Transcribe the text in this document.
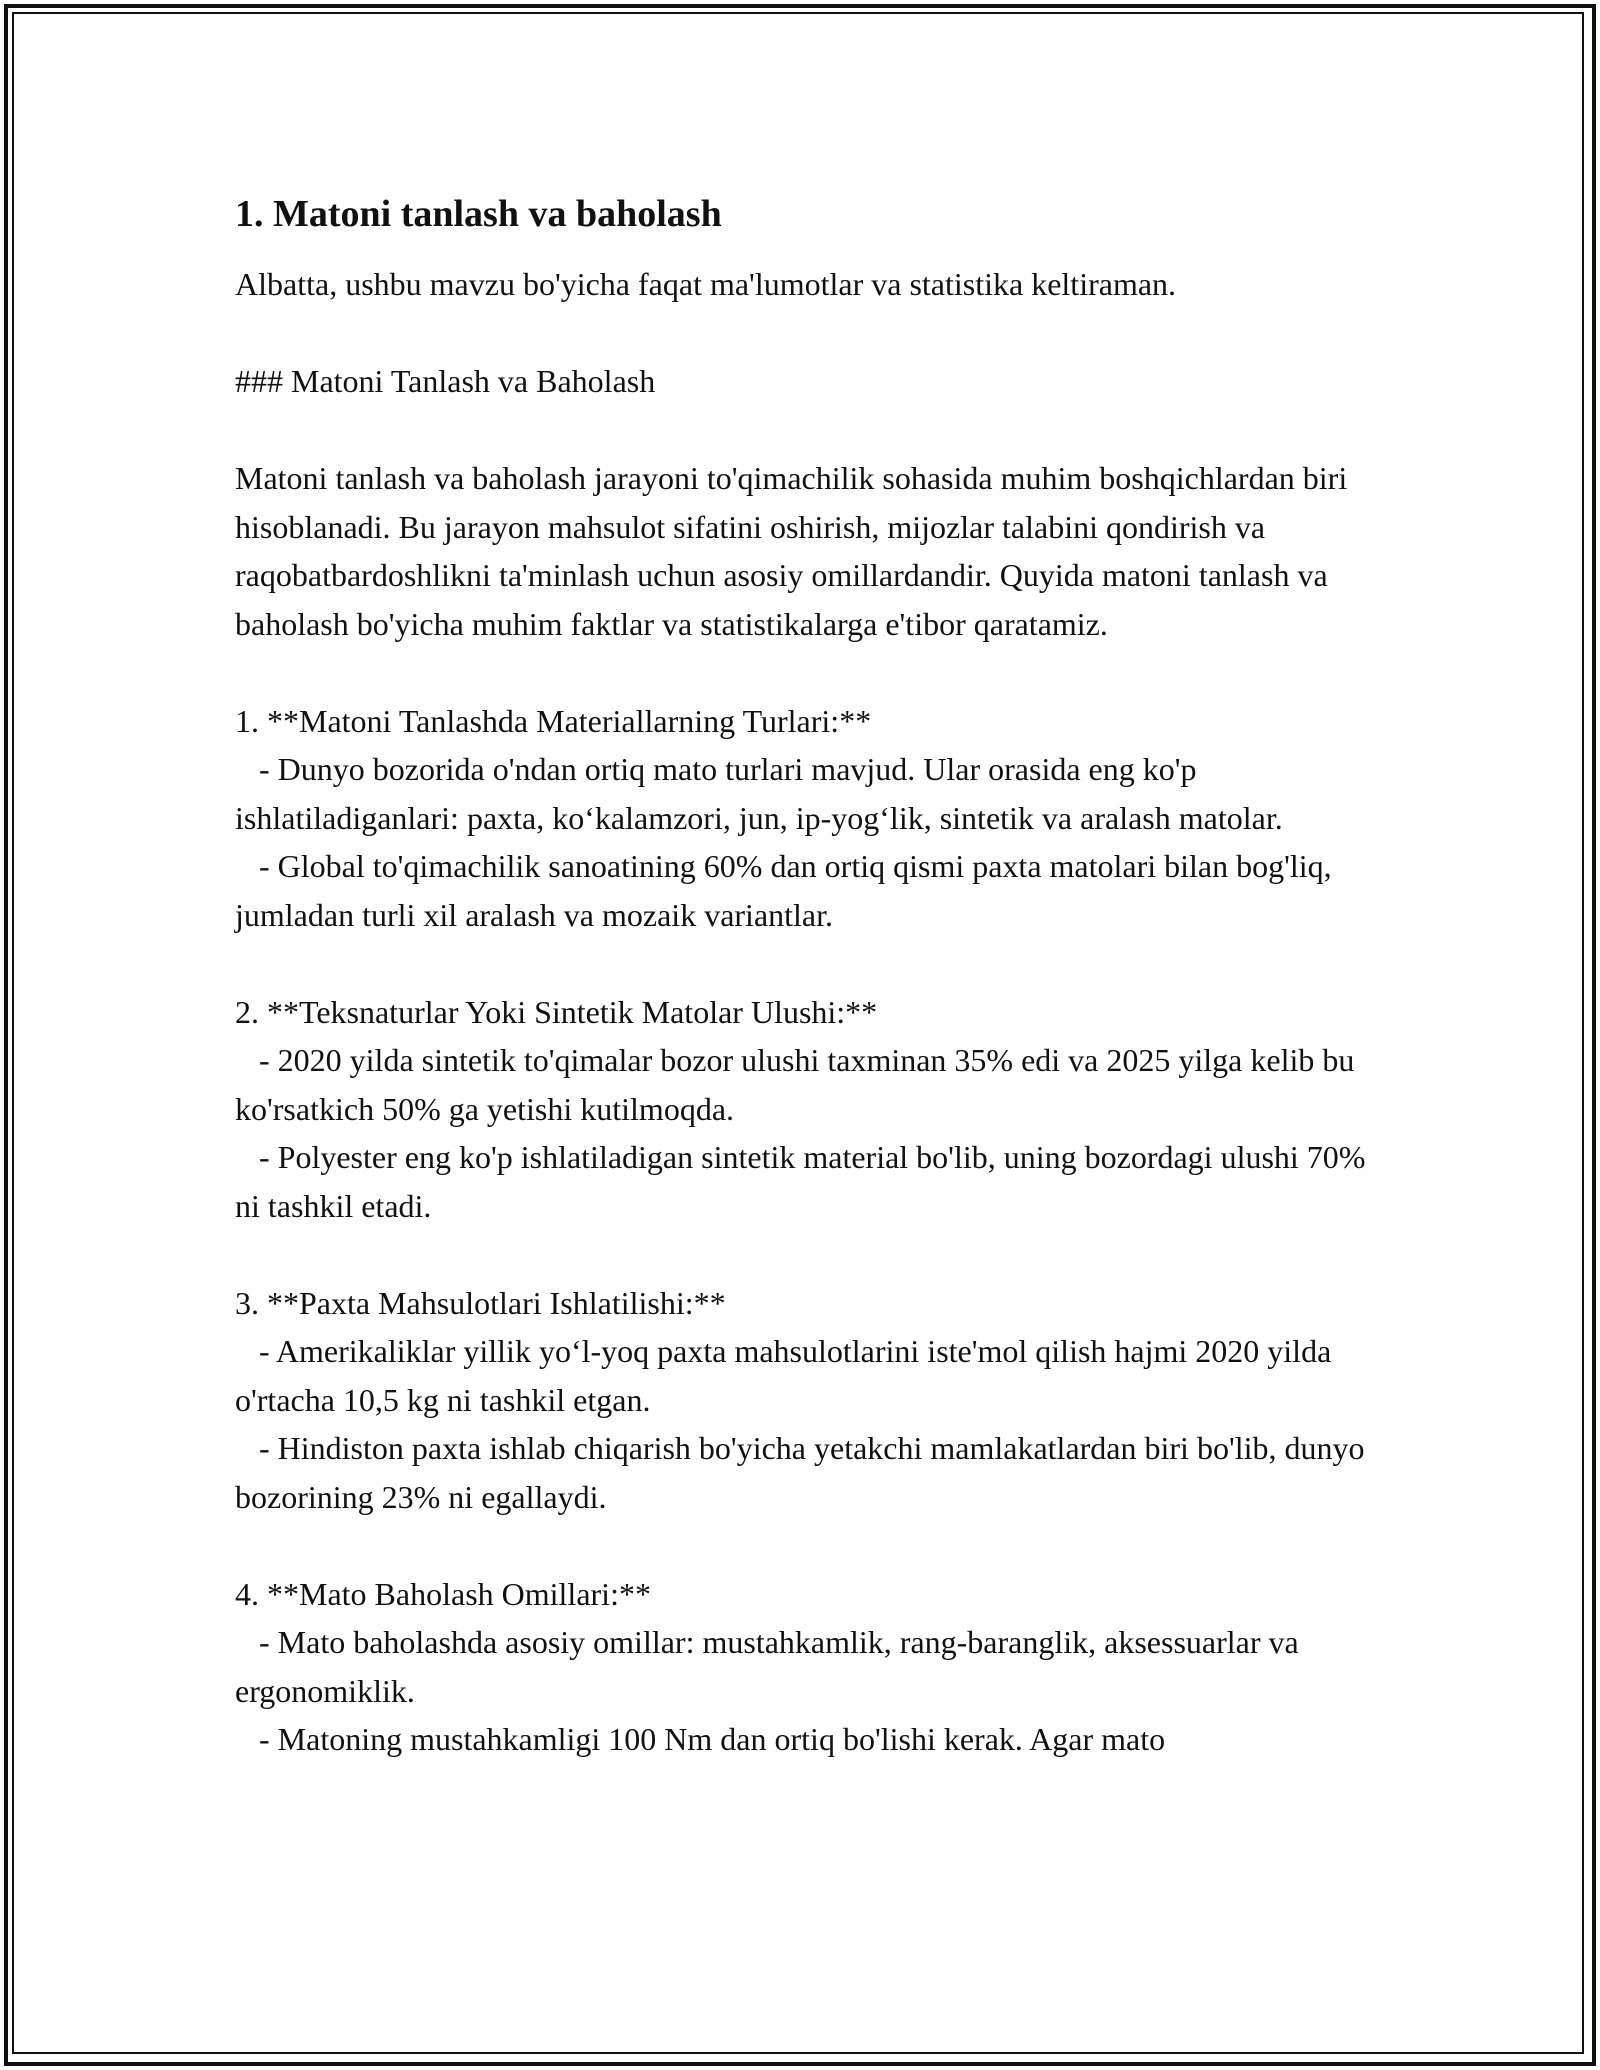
1. Matoni tanlash va baholash

Albatta, ushbu mavzu bo'yicha faqat ma'lumotlar va statistika keltiraman.

### Matoni Tanlash va Baholash

Matoni tanlash va baholash jarayoni to'qimachilik sohasida muhim boshqichlardan biri hisoblanadi. Bu jarayon mahsulot sifatini oshirish, mijozlar talabini qondirish va raqobatbardoshlikni ta'minlash uchun asosiy omillardandir. Quyida matoni tanlash va baholash bo'yicha muhim faktlar va statistikalarga e'tibor qaratamiz.

1. **Matoni Tanlashda Materiallarning Turlari:**

- Dunyo bozorida o'ndan ortiq mato turlari mavjud. Ular orasida eng ko'p ishlatiladiganlari: paxta, ko‘kalamzori, jun, ip-yog‘lik, sintetik va aralash matolar.

- Global to'qimachilik sanoatining 60% dan ortiq qismi paxta matolari bilan bog'liq, jumladan turli xil aralash va mozaik variantlar.

2. **Teksnaturlar Yoki Sintetik Matolar Ulushi:**

- 2020 yilda sintetik to'qimalar bozor ulushi taxminan 35% edi va 2025 yilga kelib bu ko'rsatkich 50% ga yetishi kutilmoqda.

- Polyester eng ko'p ishlatiladigan sintetik material bo'lib, uning bozordagi ulushi 70% ni tashkil etadi.

3. **Paxta Mahsulotlari Ishlatilishi:**

- Amerikaliklar yillik yo‘l-yoq paxta mahsulotlarini iste'mol qilish hajmi 2020 yilda o'rtacha 10,5 kg ni tashkil etgan.

- Hindiston paxta ishlab chiqarish bo'yicha yetakchi mamlakatlardan biri bo'lib, dunyo bozorining 23% ni egallaydi.

4. **Mato Baholash Omillari:**

- Mato baholashda asosiy omillar: mustahkamlik, rang-baranglik, aksessuarlar va ergonomiklik.

- Matoning mustahkamligi 100 Nm dan ortiq bo'lishi kerak. Agar mato
